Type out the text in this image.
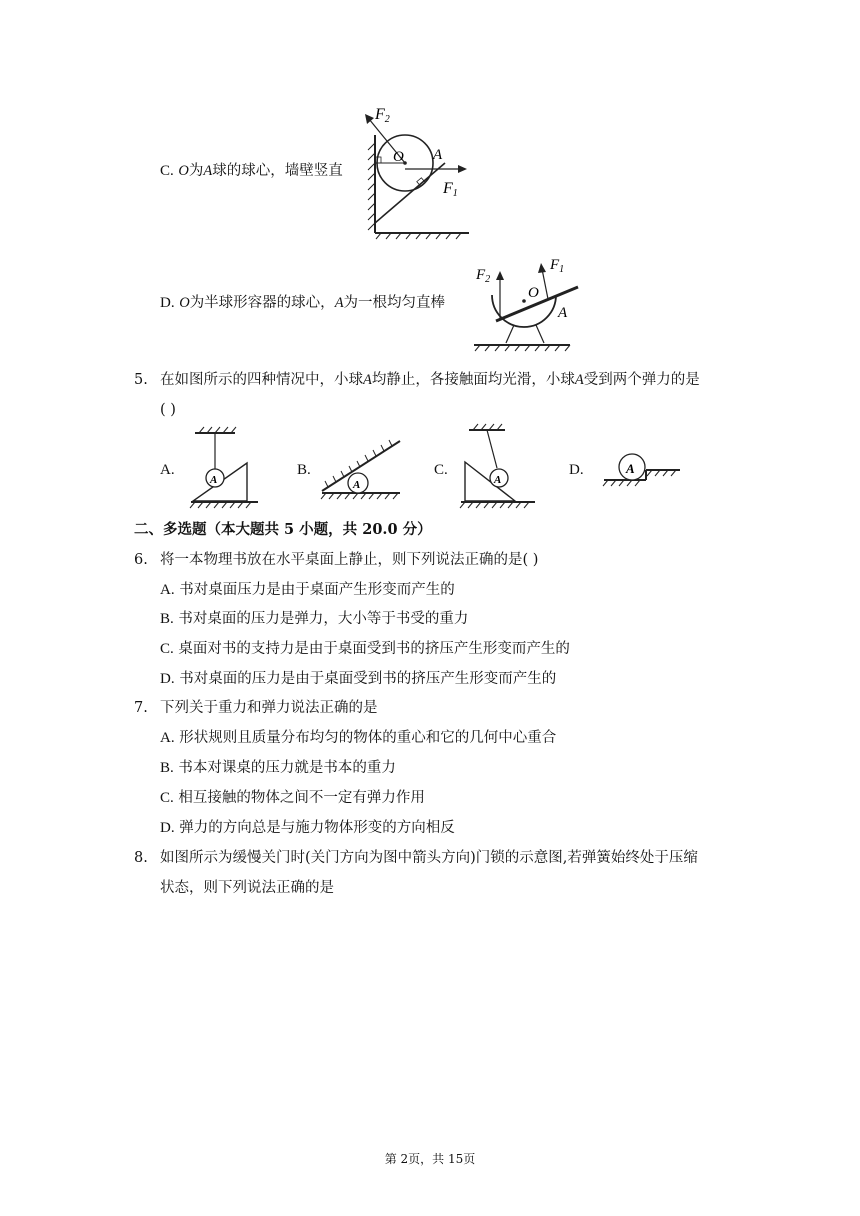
C. O为A球的球心，墙壁竖直
F2
F1
O A
D. O为半球形容器的球心，A为一根均匀直棒
$F_2$
$F_1$
O
A
5. 在如图所示的四种情况中，小球A均静止，各接触面均光滑，小球A受到两个弹力的是
( )
A.
A
B.
A
C.
A
D.	A
二、多选题（本大题共 5 小题，共 20.0 分）
6. 将一本物理书放在水平桌面上静止，则下列说法正确的是( )
A. 书对桌面压力是由于桌面产生形变而产生的
B. 书对桌面的压力是弹力，大小等于书受的重力
C. 桌面对书的支持力是由于桌面受到书的挤压产生形变而产生的
D. 书对桌面的压力是由于桌面受到书的挤压产生形变而产生的
7. 下列关于重力和弹力说法正确的是
A. 形状规则且质量分布均匀的物体的重心和它的几何中心重合
B. 书本对课桌的压力就是书本的重力
C. 相互接触的物体之间不一定有弹力作用
D. 弹力的方向总是与施力物体形变的方向相反
8. 如图所示为缓慢关门时(关门方向为图中箭头方向)门锁的示意图,若弹簧始终处于压缩
状态，则下列说法正确的是
第 2页，共 15页
